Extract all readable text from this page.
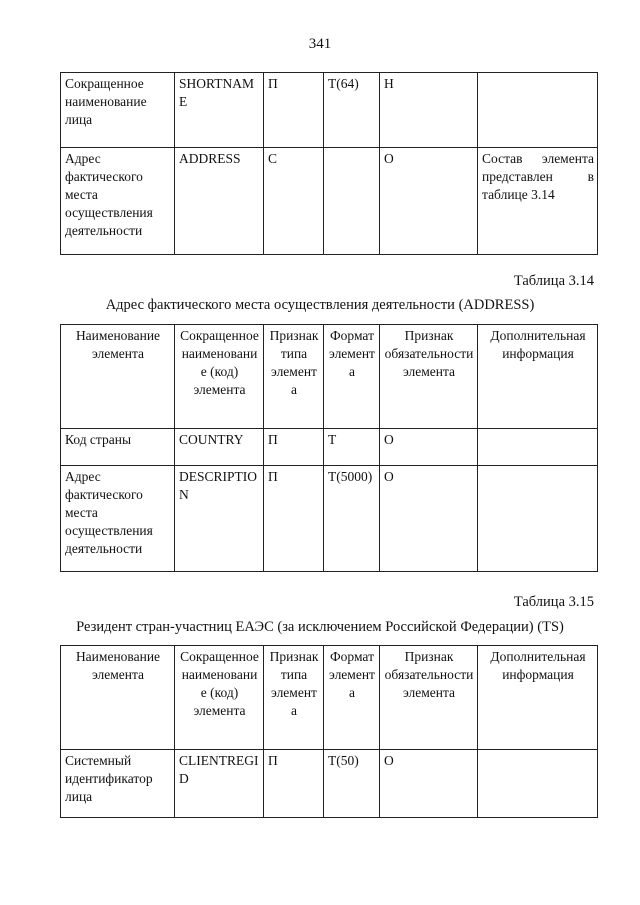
341
Сокращенное наименование лица	SHORTNAME	П	T(64)	Н	
Адрес фактического места осуществления деятельности	ADDRESS	С		О	Состав элемента представлен в таблице 3.14
Таблица 3.14
Адрес фактического места осуществления деятельности (ADDRESS)
Наименование элемента	Сокращенное наименование (код) элемента	Признак типа элемента	Формат элемента	Признак обязательности элемента	Дополнительная информация
Код страны	COUNTRY	П	T	О	
Адрес фактического места осуществления деятельности	DESCRIPTION	П	T(5000)	О	
Таблица 3.15
Резидент стран-участниц ЕАЭС (за исключением Российской Федерации) (TS)
Наименование элемента	Сокращенное наименование (код) элемента	Признак типа элемента	Формат элемента	Признак обязательности элемента	Дополнительная информация
Системный идентификатор лица	CLIENTREGID	П	T(50)	О	
